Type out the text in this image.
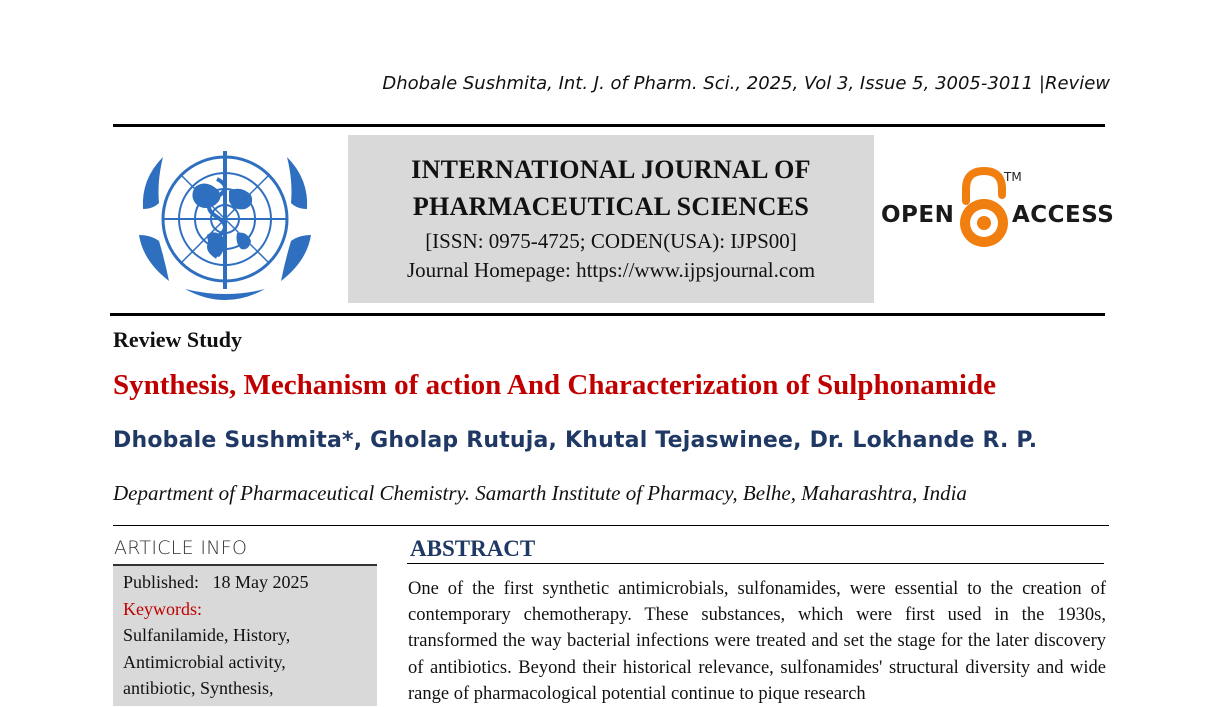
Dhobale Sushmita, Int. J. of Pharm. Sci., 2025, Vol 3, Issue 5, 3005-3011 |Review
INTERNATIONAL JOURNAL OF
PHARMACEUTICAL SCIENCES
[ISSN: 0975-4725; CODEN(USA): IJPS00]
Journal Homepage: https://www.ijpsjournal.com
OPEN
TM
ACCESS
Review Study
Synthesis, Mechanism of action And Characterization of Sulphonamide
Dhobale Sushmita*, Gholap Rutuja, Khutal Tejaswinee, Dr. Lokhande R. P.
Department of Pharmaceutical Chemistry. Samarth Institute of Pharmacy, Belhe, Maharashtra, India
ARTICLE INFO
Published: 18 May 2025
Keywords:
Sulfanilamide, History,
Antimicrobial activity,
antibiotic, Synthesis,
ABSTRACT
One of the first synthetic antimicrobials, sulfonamides, were essential to the creation of contemporary chemotherapy. These substances, which were first used in the 1930s, transformed the way bacterial infections were treated and set the stage for the later discovery of antibiotics. Beyond their historical relevance, sulfonamides' structural diversity and wide range of pharmacological potential continue to pique research
